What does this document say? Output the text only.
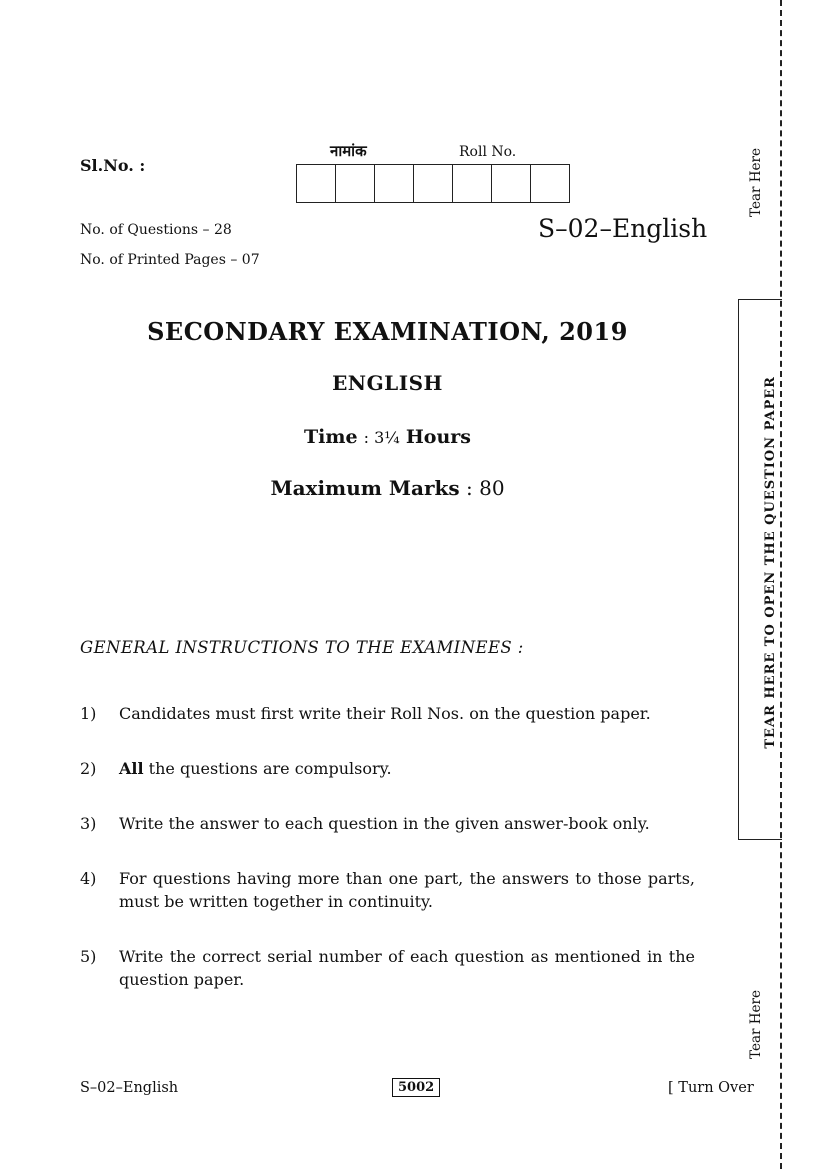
Sl.No. :
नामांक	Roll No.
No. of Questions – 28
No. of Printed Pages – 07
S–02–English
SECONDARY EXAMINATION, 2019
ENGLISH
Time : 3¼ Hours
Maximum Marks : 80
GENERAL INSTRUCTIONS TO THE EXAMINEES :
1)	Candidates must first write their Roll Nos. on the question paper.
2)	All the questions are compulsory.
3)	Write the answer to each question in the given answer-book only.
4)	For questions having more than one part, the answers to those parts, must be written together in continuity.
5)	Write the correct serial number of each question as mentioned in the question paper.
S–02–English	5002	[ Turn Over
Tear Here
Tear Here
TEAR HERE TO OPEN THE QUESTION PAPER
